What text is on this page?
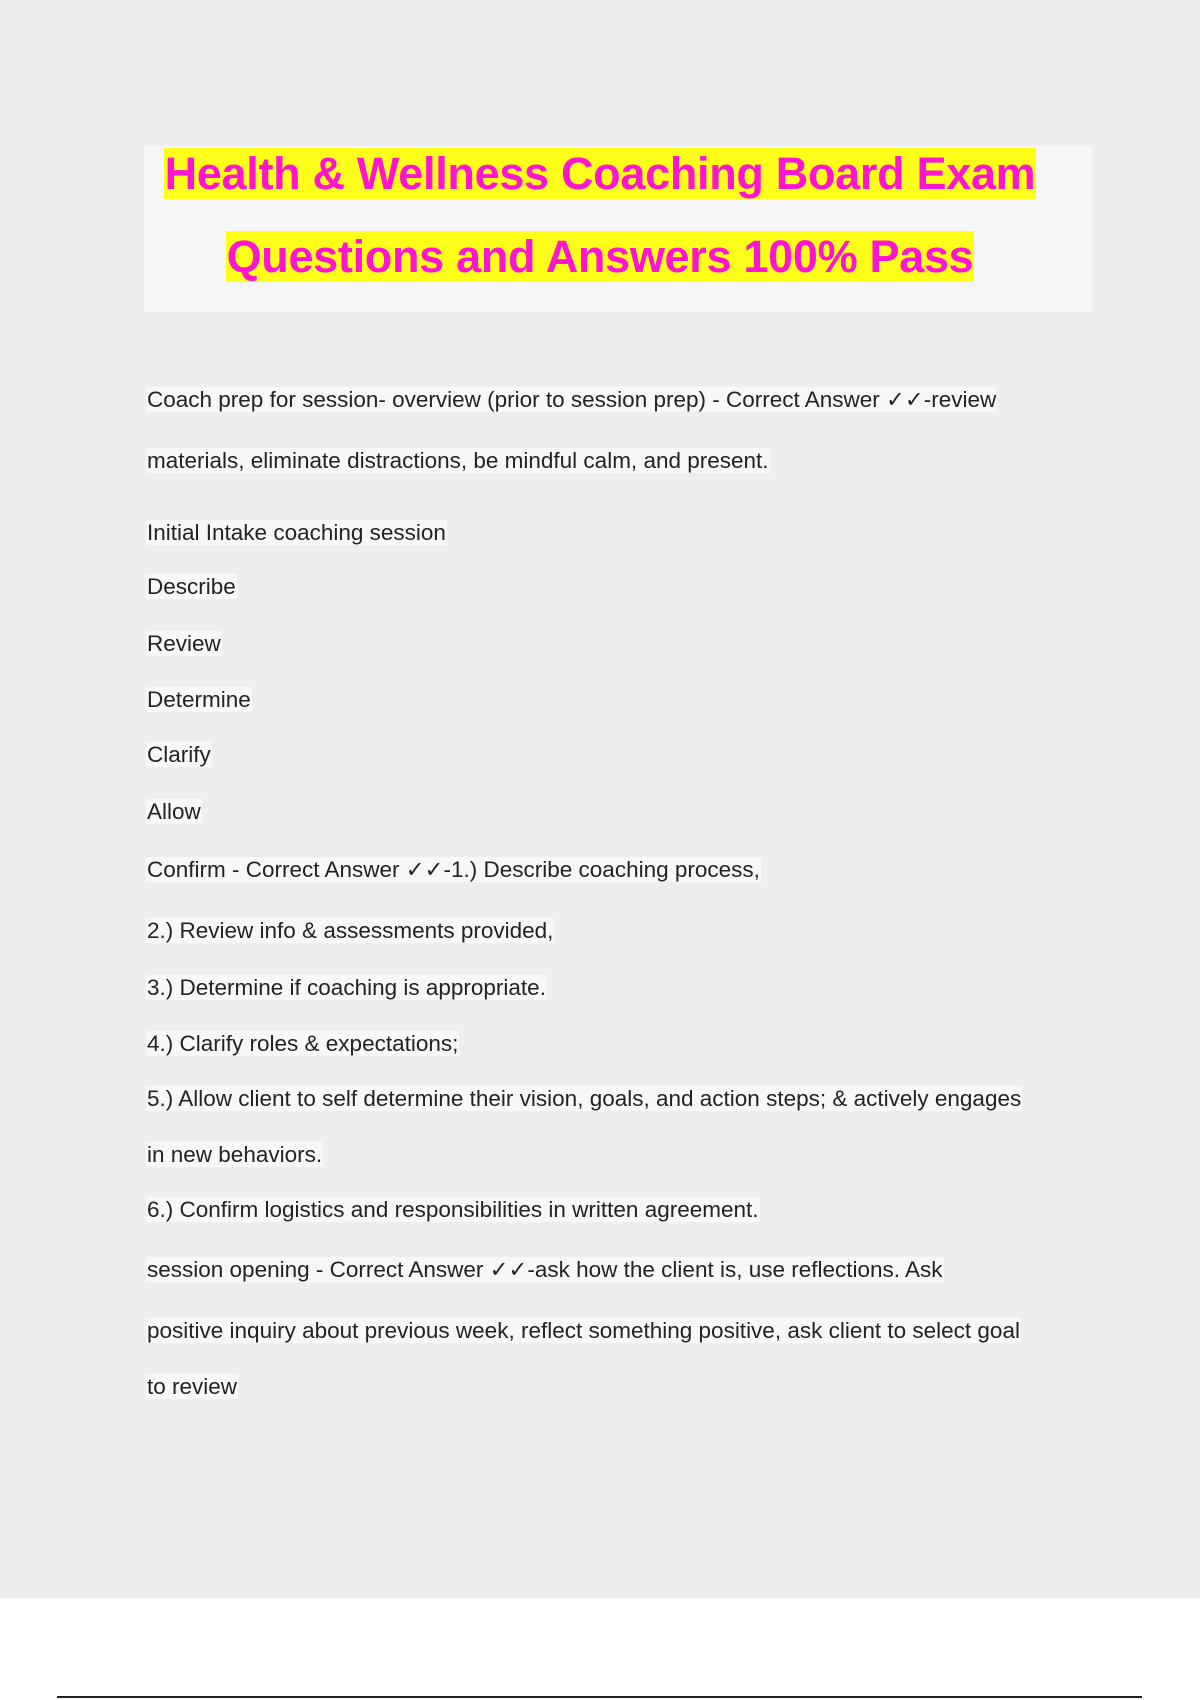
Health & Wellness Coaching Board Exam
Questions and Answers 100% Pass
Coach prep for session- overview (prior to session prep) - Correct Answer ✓✓-review
materials, eliminate distractions, be mindful calm, and present.
Initial Intake coaching session
Describe
Review
Determine
Clarify
Allow
Confirm - Correct Answer ✓✓-1.) Describe coaching process,
2.) Review info & assessments provided,
3.) Determine if coaching is appropriate.
4.) Clarify roles & expectations;
5.) Allow client to self determine their vision, goals, and action steps; & actively engages
in new behaviors.
6.) Confirm logistics and responsibilities in written agreement.
session opening - Correct Answer ✓✓-ask how the client is, use reflections. Ask
positive inquiry about previous week, reflect something positive, ask client to select goal
to review
